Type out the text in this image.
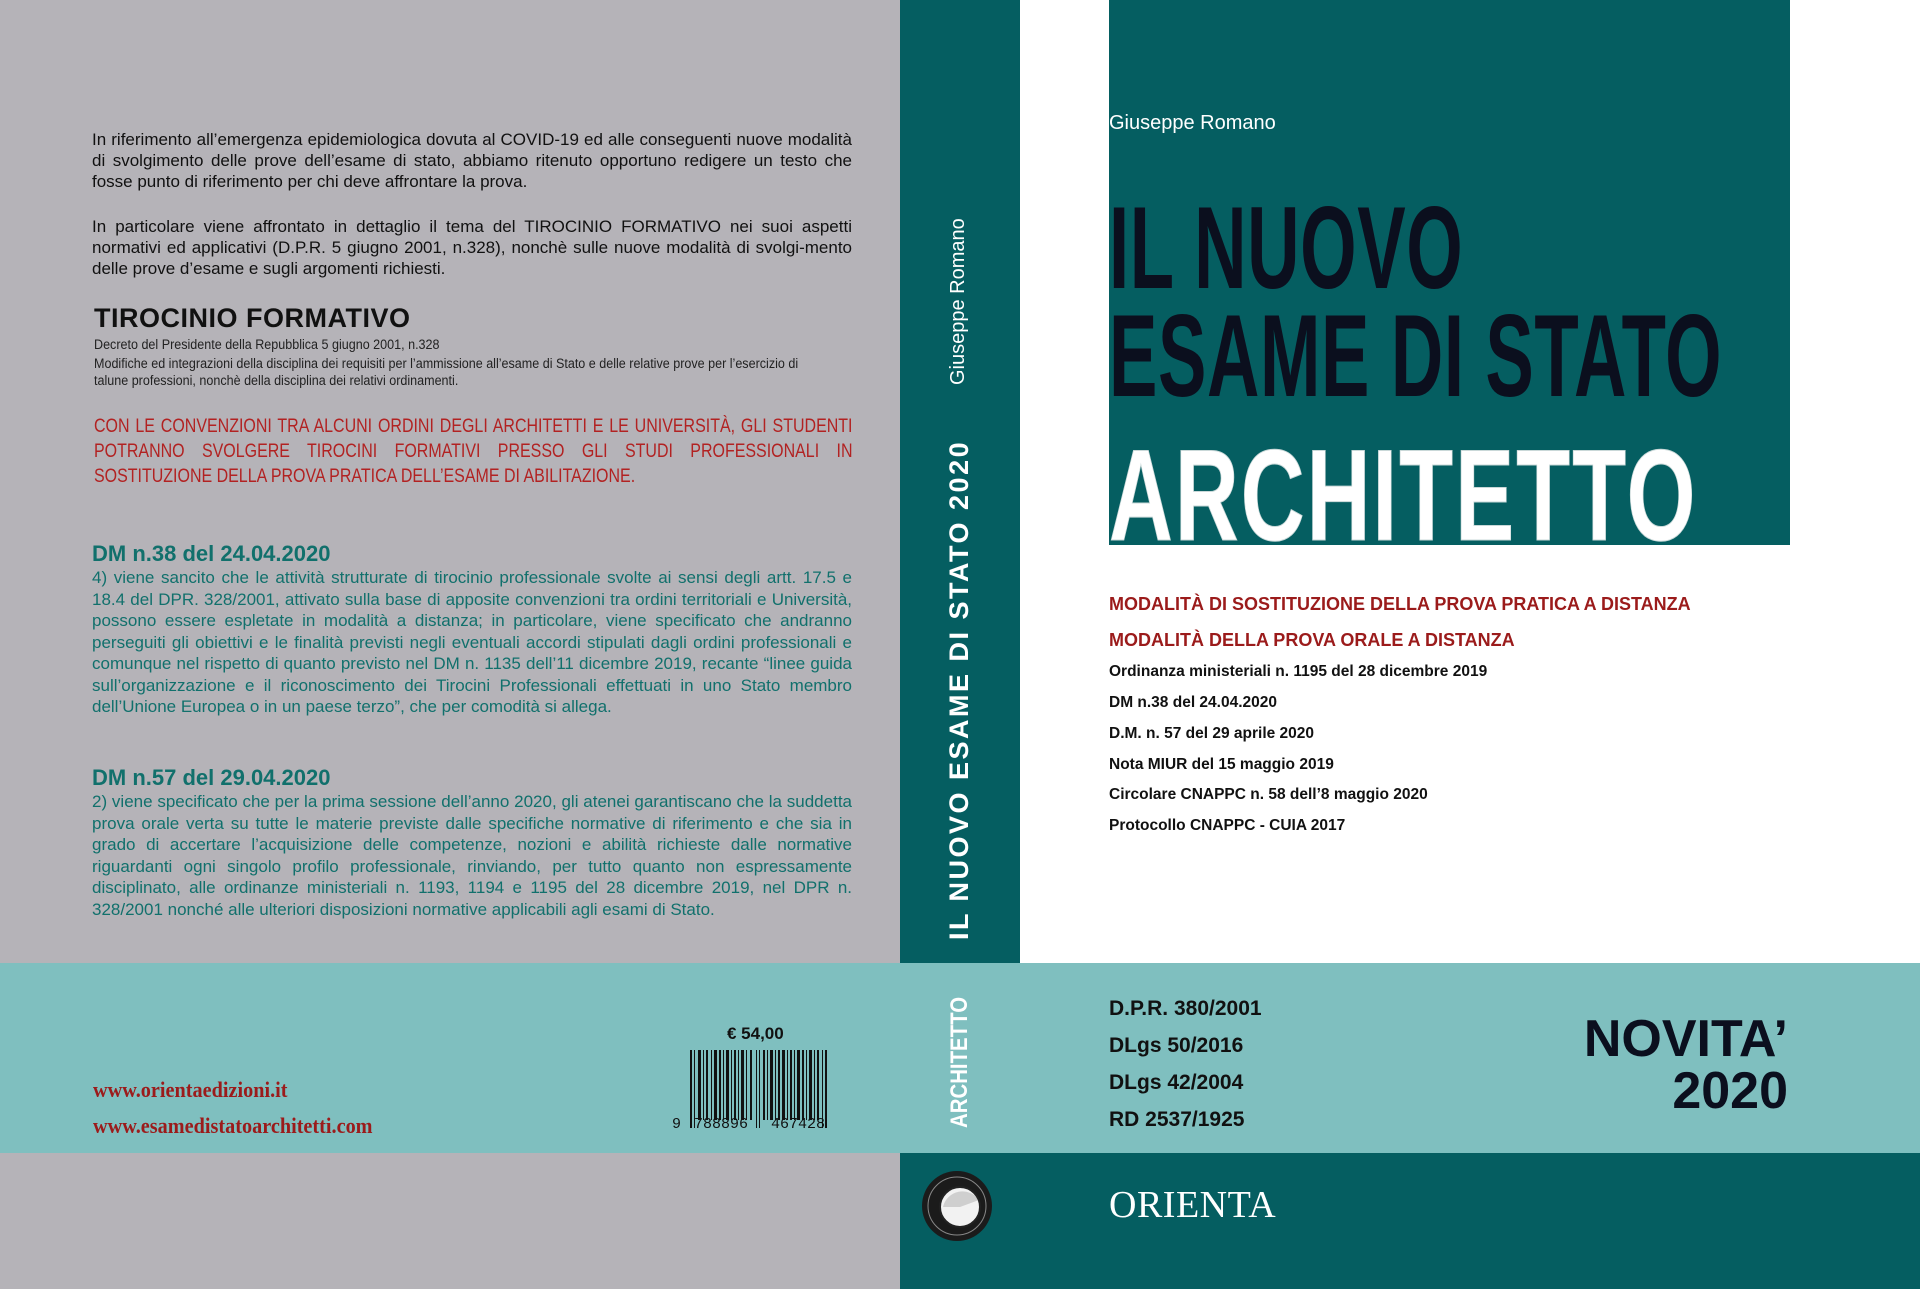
In riferimento all’emergenza epidemiologica dovuta al COVID-19 ed alle conseguenti nuove modalità di svolgimento delle prove dell’esame di stato, abbiamo ritenuto opportuno redigere un testo che fosse punto di riferimento per chi deve affrontare la prova.
In particolare viene affrontato in dettaglio il tema del TIROCINIO FORMATIVO nei suoi aspetti normativi ed applicativi (D.P.R. 5 giugno 2001, n.328), nonchè sulle nuove modalità di svolgi-mento delle prove d’esame e sugli argomenti richiesti.
TIROCINIO FORMATIVO
Decreto del Presidente della Repubblica 5 giugno 2001, n.328
Modifiche ed integrazioni della disciplina dei requisiti per l’ammissione all’esame di Stato e delle relative prove per l’esercizio di talune professioni, nonchè della disciplina dei relativi ordinamenti.
CON LE CONVENZIONI TRA ALCUNI ORDINI DEGLI ARCHITETTI E LE UNIVERSITÀ, GLI STUDENTI POTRANNO SVOLGERE TIROCINI FORMATIVI PRESSO GLI STUDI PROFESSIONALI IN SOSTITUZIONE DELLA PROVA PRATICA DELL’ESAME DI ABILITAZIONE.
DM n.38 del 24.04.2020
4) viene sancito che le attività strutturate di tirocinio professionale svolte ai sensi degli artt. 17.5 e 18.4 del DPR. 328/2001, attivato sulla base di apposite convenzioni tra ordini territoriali e Università, possono essere espletate in modalità a distanza; in particolare, viene specificato che andranno perseguiti gli obiettivi e le finalità previsti negli eventuali accordi stipulati dagli ordini professionali e comunque nel rispetto di quanto previsto nel DM n. 1135 dell’11 dicembre 2019, recante “linee guida sull’organizzazione e il riconoscimento dei Tirocini Professionali effettuati in uno Stato membro dell’Unione Europea o in un paese terzo”, che per comodità si allega.
DM n.57 del 29.04.2020
2) viene specificato che per la prima sessione dell’anno 2020, gli atenei garantiscano che la suddetta prova orale verta su tutte le materie previste dalle specifiche normative di riferimento e che sia in grado di accertare l’acquisizione delle competenze, nozioni e abilità richieste dalle normative riguardanti ogni singolo profilo professionale, rinviando, per tutto quanto non espressamente disciplinato, alle ordinanze ministeriali n. 1193, 1194 e 1195 del 28 dicembre 2019, nel DPR n. 328/2001 nonché alle ulteriori disposizioni normative applicabili agli esami di Stato.
Giuseppe Romano
IL NUOVO ESAME DI STATO 2020
ARCHITETTO
Giuseppe Romano
IL NUOVO
ESAME DI STATO
ARCHITETTO
MODALITÀ DI SOSTITUZIONE DELLA PROVA PRATICA A DISTANZA
MODALITÀ DELLA PROVA ORALE A DISTANZA
Ordinanza ministeriali n. 1195 del 28 dicembre 2019
DM n.38 del 24.04.2020
D.M. n. 57 del 29 aprile 2020
Nota MIUR del 15 maggio 2019
Circolare CNAPPC n. 58 dell’8 maggio 2020
Protocollo CNAPPC - CUIA 2017
www.orientaedizioni.it
www.esamedistatoarchitetti.com
€ 54,00
9 788896 467428
D.P.R. 380/2001
DLgs 50/2016
DLgs 42/2004
RD 2537/1925
NOVITA’
2020
ORIENTA
